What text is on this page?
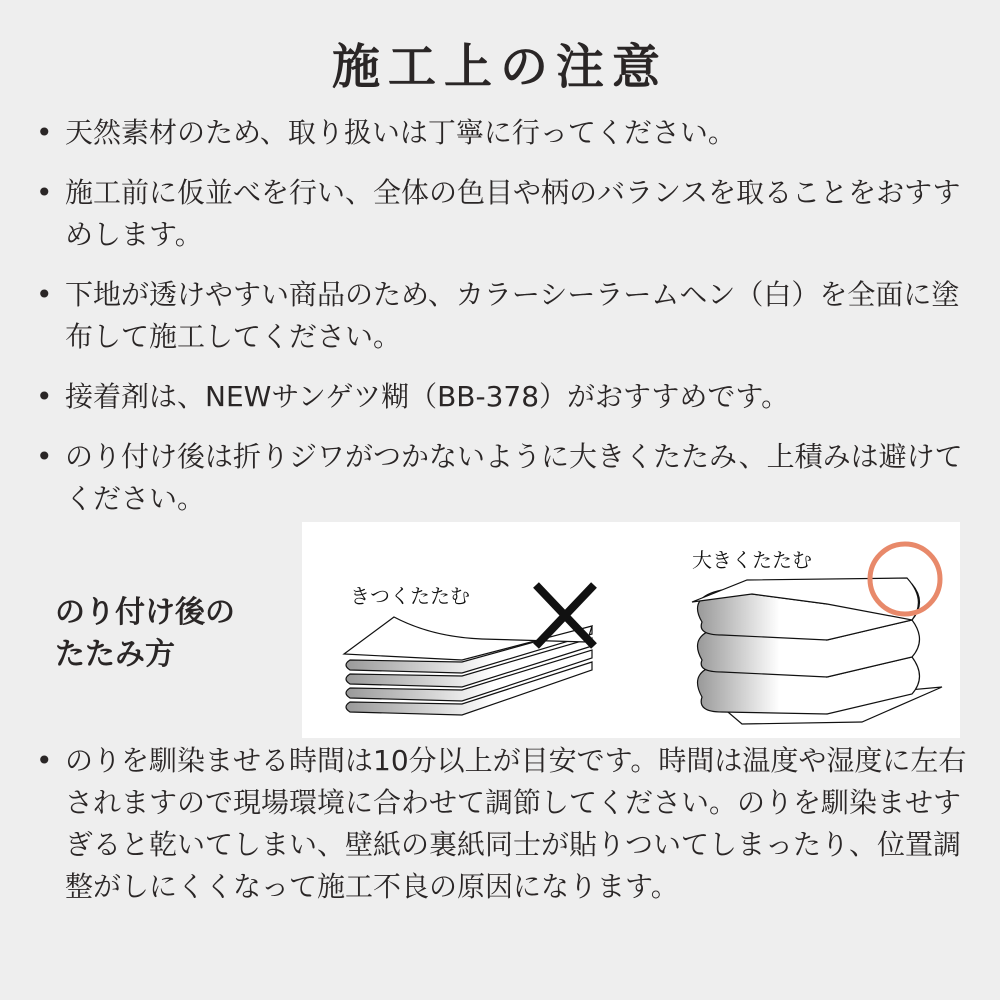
施工上の注意

• 天然素材のため、取り扱いは丁寧に行ってください。

• 施工前に仮並べを行い、全体の色目や柄のバランスを取ることをおすすめします。

• 下地が透けやすい商品のため、カラーシーラームヘン（白）を全面に塗布して施工してください。

• 接着剤は、NEWサンゲツ糊（BB-378）がおすすめです。

• のり付け後は折りジワがつかないように大きくたたみ、上積みは避けてください。

のり付け後の
たたみ方
きつくたたむ
大きくたたむ

• のりを馴染ませる時間は10分以上が目安です。時間は温度や湿度に左右されますので現場環境に合わせて調節してください。のりを馴染ませすぎると乾いてしまい、壁紙の裏紙同士が貼りついてしまったり、位置調整がしにくくなって施工不良の原因になります。
